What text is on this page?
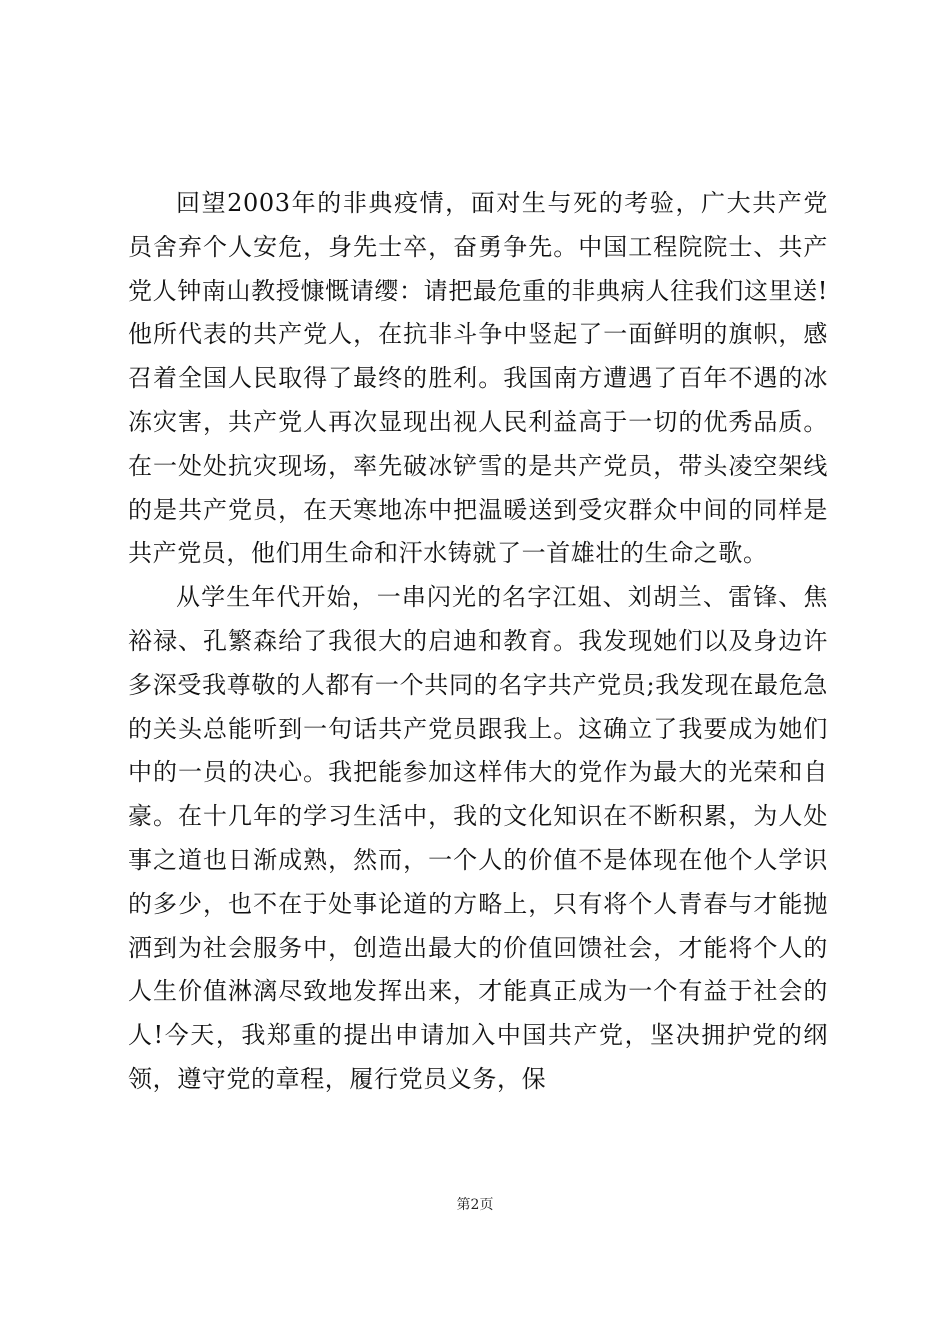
回望2003年的非典疫情，面对生与死的考验，广大共产党员舍弃个人安危，身先士卒，奋勇争先。中国工程院院士、共产党人钟南山教授慷慨请缨：请把最危重的非典病人往我们这里送!他所代表的共产党人，在抗非斗争中竖起了一面鲜明的旗帜，感召着全国人民取得了最终的胜利。我国南方遭遇了百年不遇的冰冻灾害，共产党人再次显现出视人民利益高于一切的优秀品质。在一处处抗灾现场，率先破冰铲雪的是共产党员，带头凌空架线的是共产党员，在天寒地冻中把温暖送到受灾群众中间的同样是共产党员，他们用生命和汗水铸就了一首雄壮的生命之歌。

从学生年代开始，一串闪光的名字江姐、刘胡兰、雷锋、焦裕禄、孔繁森给了我很大的启迪和教育。我发现她们以及身边许多深受我尊敬的人都有一个共同的名字共产党员;我发现在最危急的关头总能听到一句话共产党员跟我上。这确立了我要成为她们中的一员的决心。我把能参加这样伟大的党作为最大的光荣和自豪。在十几年的学习生活中，我的文化知识在不断积累，为人处事之道也日渐成熟，然而，一个人的价值不是体现在他个人学识的多少，也不在于处事论道的方略上，只有将个人青春与才能抛洒到为社会服务中，创造出最大的价值回馈社会，才能将个人的人生价值淋漓尽致地发挥出来，才能真正成为一个有益于社会的人!今天，我郑重的提出申请加入中国共产党，坚决拥护党的纲领，遵守党的章程，履行党员义务，保

第2页
